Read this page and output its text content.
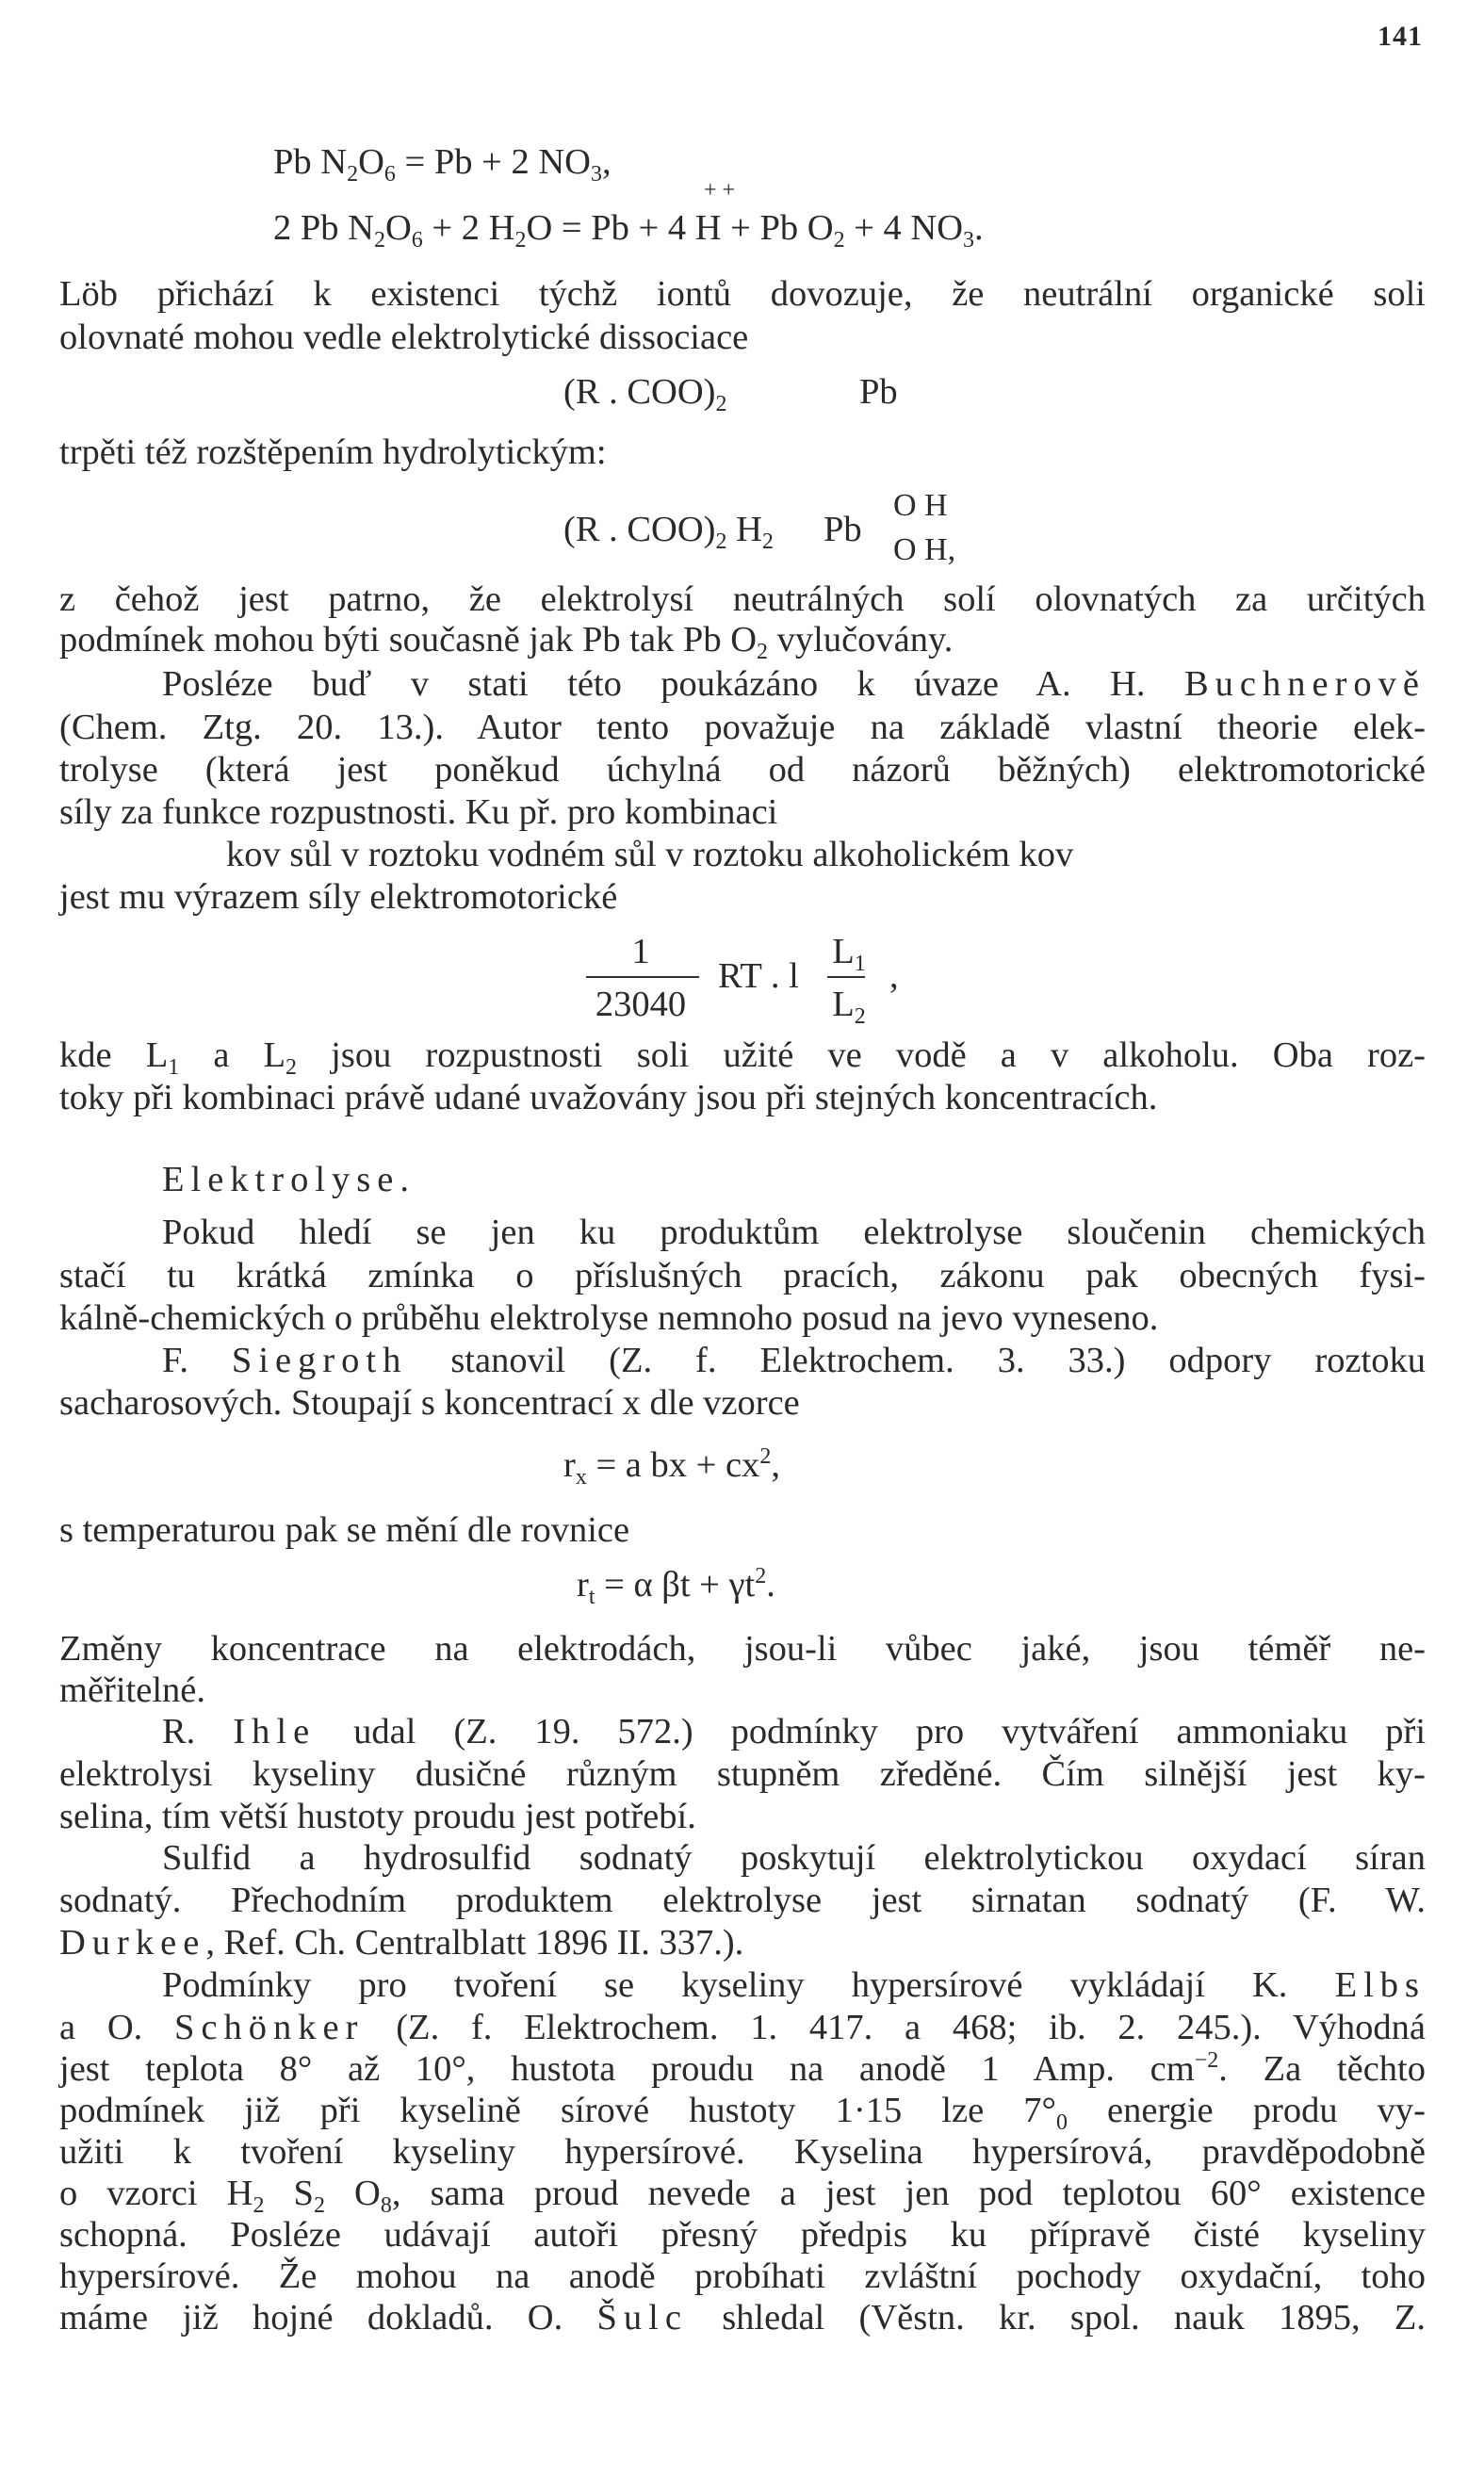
141
Pb $N_2O_6 = Pb + 2$ $NO_3$,
+ +
2 Pb $N_2O_6 + 2$ $H_2O = Pb + 4$ H + Pb $O_2 + 4$ $NO_3$.
Löb přichází k existenci týchž iontů dovozuje, že neutrální organické soli
olovnaté mohou vedle elektrolytické dissociace
(R . $COO)_2$	Pb
trpěti též rozštěpením hydrolytickým:
(R . $COO)_2$ $H_2$ Pb
O H
O H,
z čehož jest patrno, že elektrolysí neutrálných solí olovnatých za určitých
podmínek mohou býti současně jak Pb tak Pb $O_2$ vylučovány.
Posléze buď v stati této poukázáno k úvaze A. H. Buchnerově
(Chem. Ztg. 20. 13.). Autor tento považuje na základě vlastní theorie elek-
trolyse (která jest poněkud úchylná od názorů běžných) elektromotorické
síly za funkce rozpustnosti. Ku př. pro kombinaci
kov sůl v roztoku vodném sůl v roztoku alkoholickém kov
jest mu výrazem síly elektromotorické
1
23040
RT . l
$L_1$
$L_2$
,
kde $L_1$ a $L_2$ jsou rozpustnosti soli užité ve vodě a v alkoholu. Oba roz-
toky při kombinaci právě udané uvažovány jsou při stejných koncentracích.
Elektrolyse.
Pokud hledí se jen ku produktům elektrolyse sloučenin chemických
stačí tu krátká zmínka o příslušných pracích, zákonu pak obecných fysi-
kálně-chemických o průběhu elektrolyse nemnoho posud na jevo vyneseno.
F. Siegroth stanovil (Z. f. Elektrochem. 3. 33.) odpory roztoku
sacharosových. Stoupají s koncentrací x dle vzorce
$r_x = a$ bx + $cx^2$,
s temperaturou pak se mění dle rovnice
$r_t = \alpha$ $\beta t + \gamma t^2$.
Změny koncentrace na elektrodách, jsou-li vůbec jaké, jsou téměř ne-
měřitelné.
R. Ihle udal (Z. 19. 572.) podmínky pro vytváření ammoniaku při
elektrolysi kyseliny dusičné různým stupněm zředěné. Čím silnější jest ky-
selina, tím větší hustoty proudu jest potřebí.
Sulfid a hydrosulfid sodnatý poskytují elektrolytickou oxydací síran
sodnatý. Přechodním produktem elektrolyse jest sirnatan sodnatý (F. W.
Durkee, Ref. Ch. Centralblatt 1896 II. 337.).
Podmínky pro tvoření se kyseliny hypersírové vykládají K. Elbs
a O. Schönker (Z. f. Elektrochem. 1. 417. a 468; ib. 2. 245.). Výhodná
jest teplota 8° až 10°, hustota proudu na anodě 1 Amp. $cm^{-2}$. Za těchto
podmínek již při kyselině sírové hustoty 1·15 lze $7^\circ_0$ energie produ vy-
užiti k tvoření kyseliny hypersírové. Kyselina hypersírová, pravděpodobně
o vzorci $H_2$ $S_2$ $O_8$, sama proud nevede a jest jen pod teplotou 60° existence
schopná. Posléze udávají autoři přesný předpis ku přípravě čisté kyseliny
hypersírové. Že mohou na anodě probíhati zvláštní pochody oxydační, toho
máme již hojné dokladů. O. Šulc shledal (Věstn. kr. spol. nauk 1895, Z.
